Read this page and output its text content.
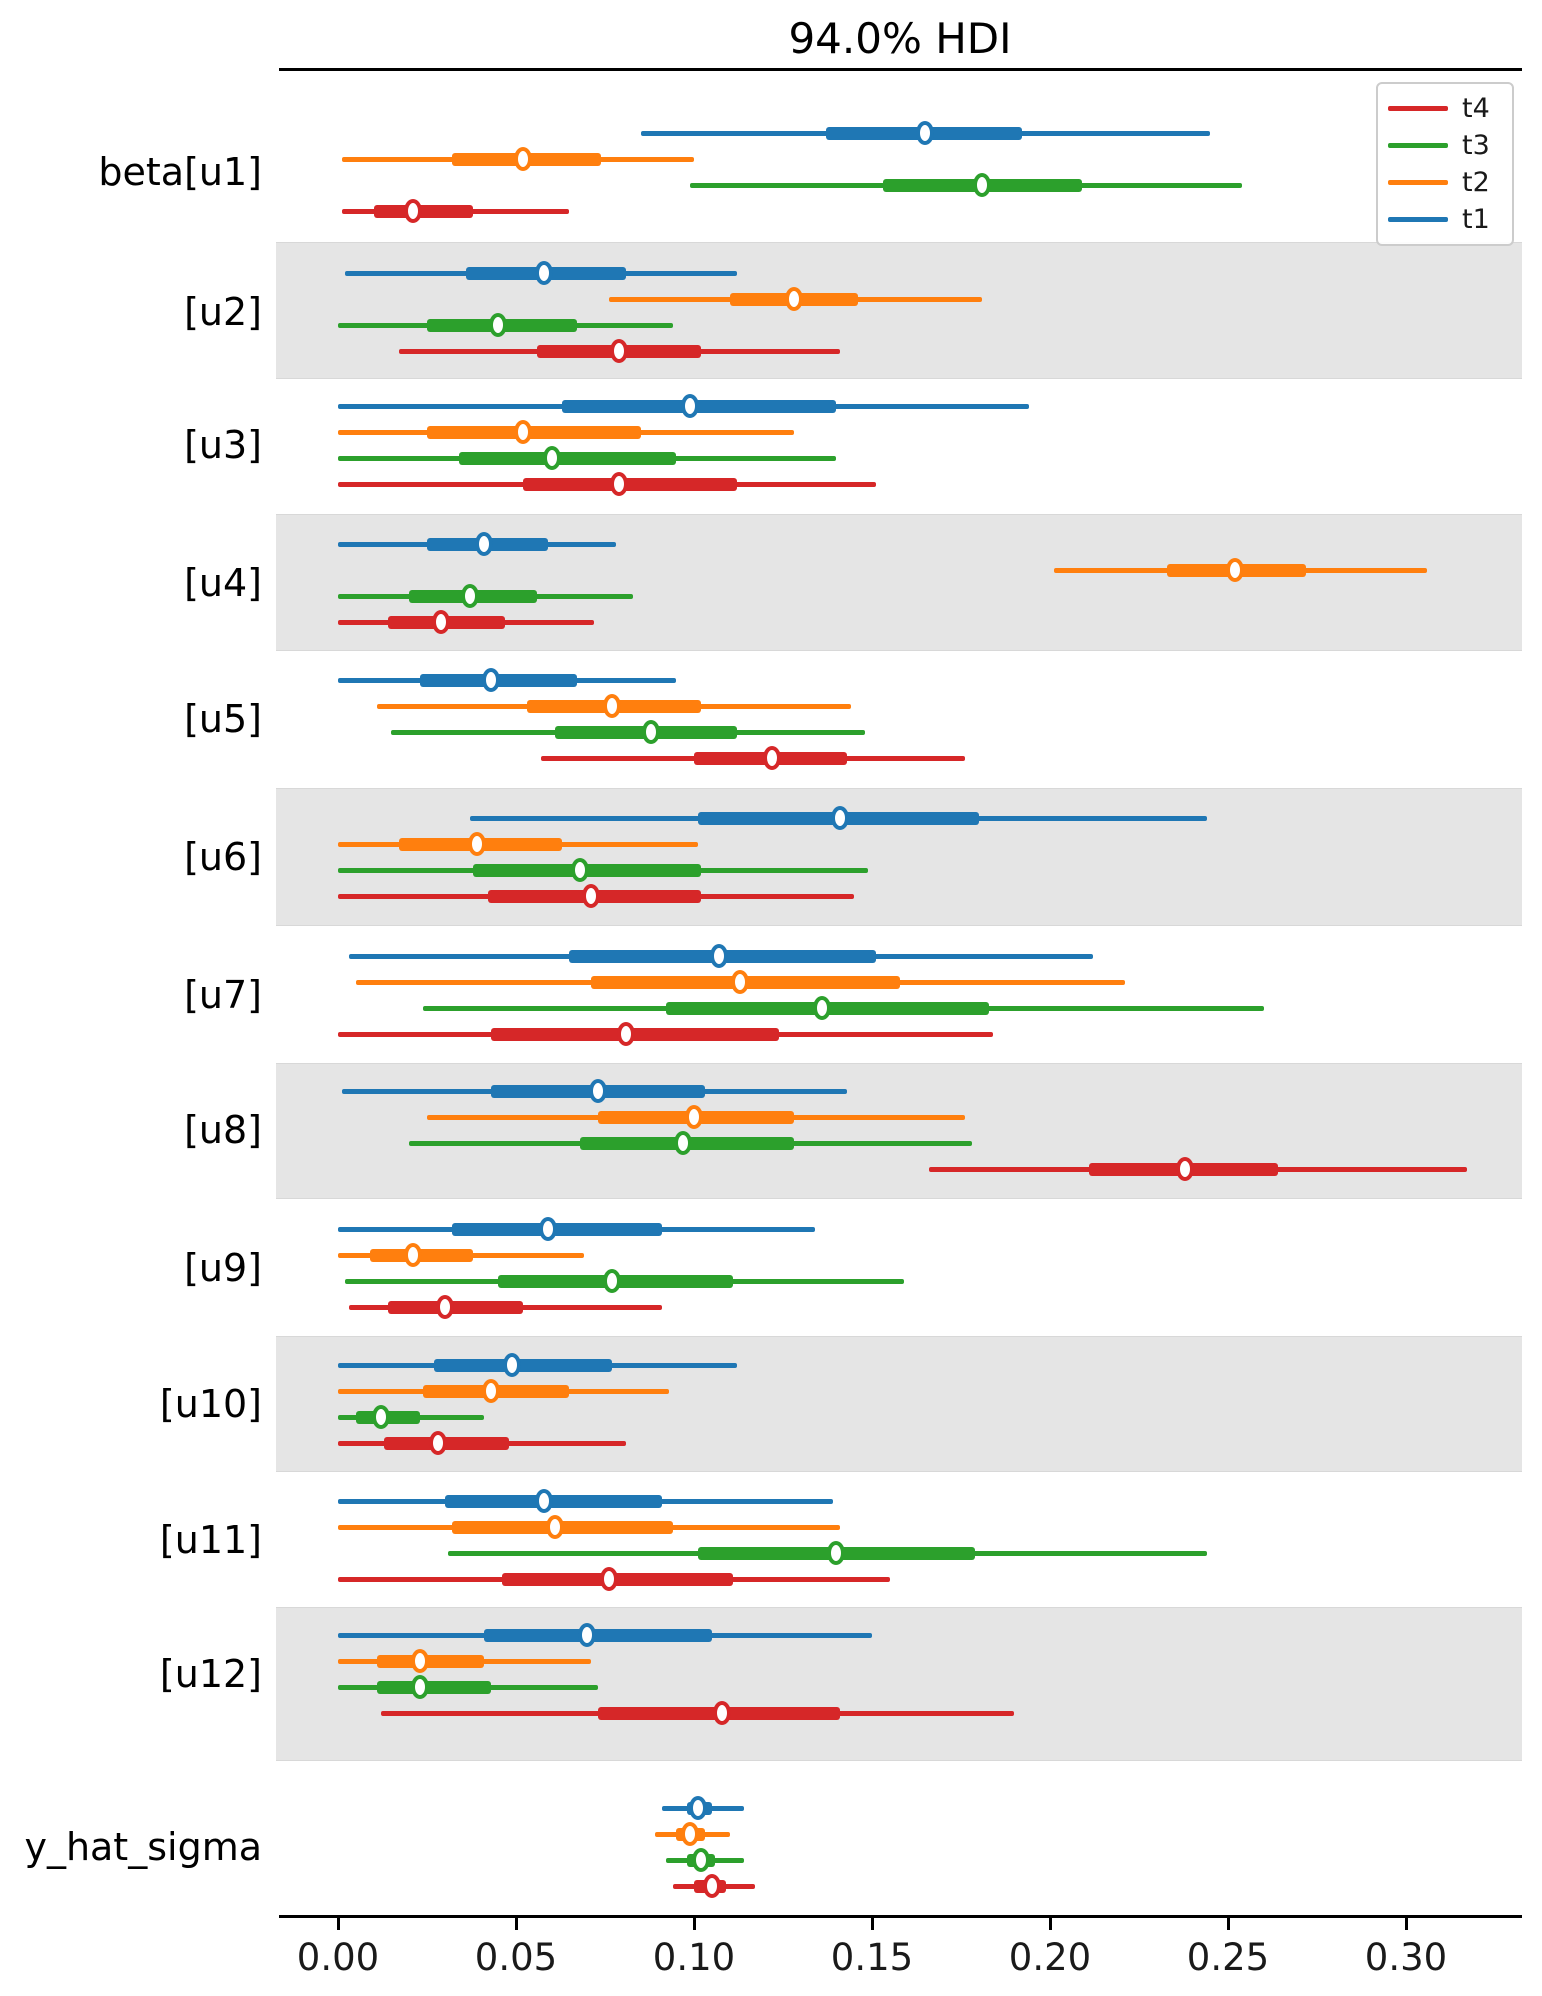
94.0% HDI
0.00	0.05	0.10	0.15	0.20	0.25	0.30
beta[u1]
[u2]
[u3]
[u4]
[u5]
[u6]
[u7]
[u8]
[u9]
[u10]
[u11]
[u12]
y_hat_sigma
t4
t3
t2
t1
